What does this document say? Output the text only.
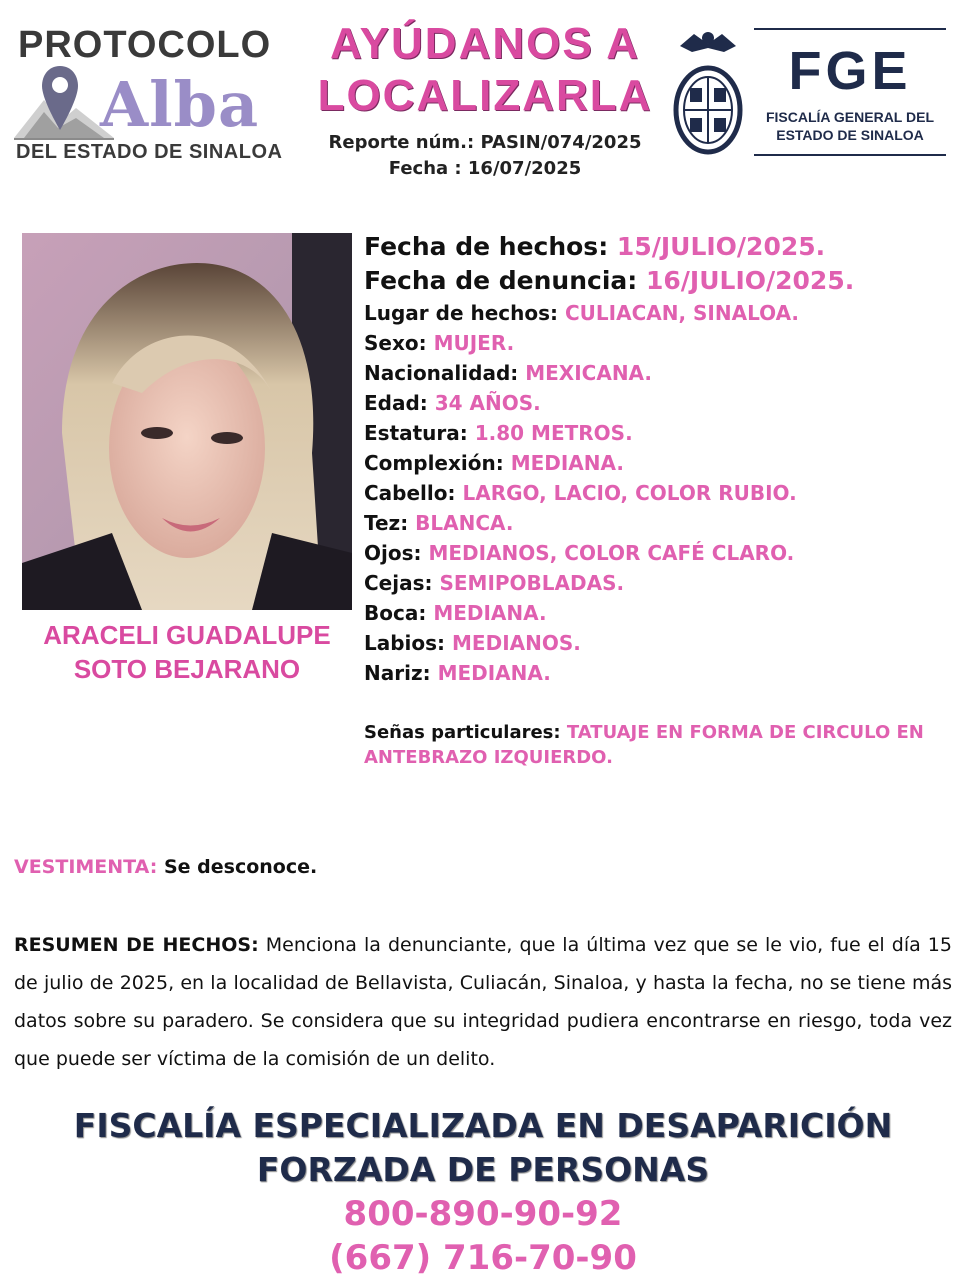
PROTOCOLO
Alba
DEL ESTADO DE SINALOA
AYÚDANOS A
LOCALIZARLA
Reporte núm.: PASIN/074/2025
Fecha : 16/07/2025
FGE
FISCALÍA GENERAL DEL
ESTADO DE SINALOA
ARACELI GUADALUPE
SOTO BEJARANO
Fecha de hechos: 15/JULIO/2025.
Fecha de denuncia: 16/JULIO/2025.
Lugar de hechos: CULIACAN, SINALOA.
Sexo: MUJER.
Nacionalidad: MEXICANA.
Edad: 34 AÑOS.
Estatura: 1.80 METROS.
Complexión: MEDIANA.
Cabello: LARGO, LACIO, COLOR RUBIO.
Tez: BLANCA.
Ojos: MEDIANOS, COLOR CAFÉ CLARO.
Cejas: SEMIPOBLADAS.
Boca: MEDIANA.
Labios: MEDIANOS.
Nariz: MEDIANA.
Señas particulares: TATUAJE EN FORMA DE CIRCULO EN
ANTEBRAZO IZQUIERDO.
VESTIMENTA: Se desconoce.
RESUMEN DE HECHOS: Menciona la denunciante, que la última vez que se le vio, fue el día 15 de julio de 2025, en la localidad de Bellavista, Culiacán, Sinaloa, y hasta la fecha, no se tiene más datos sobre su paradero. Se considera que su integridad pudiera encontrarse en riesgo, toda vez que puede ser víctima de la comisión de un delito.
FISCALÍA ESPECIALIZADA EN DESAPARICIÓN
FORZADA DE PERSONAS
800-890-90-92
(667) 716-70-90
